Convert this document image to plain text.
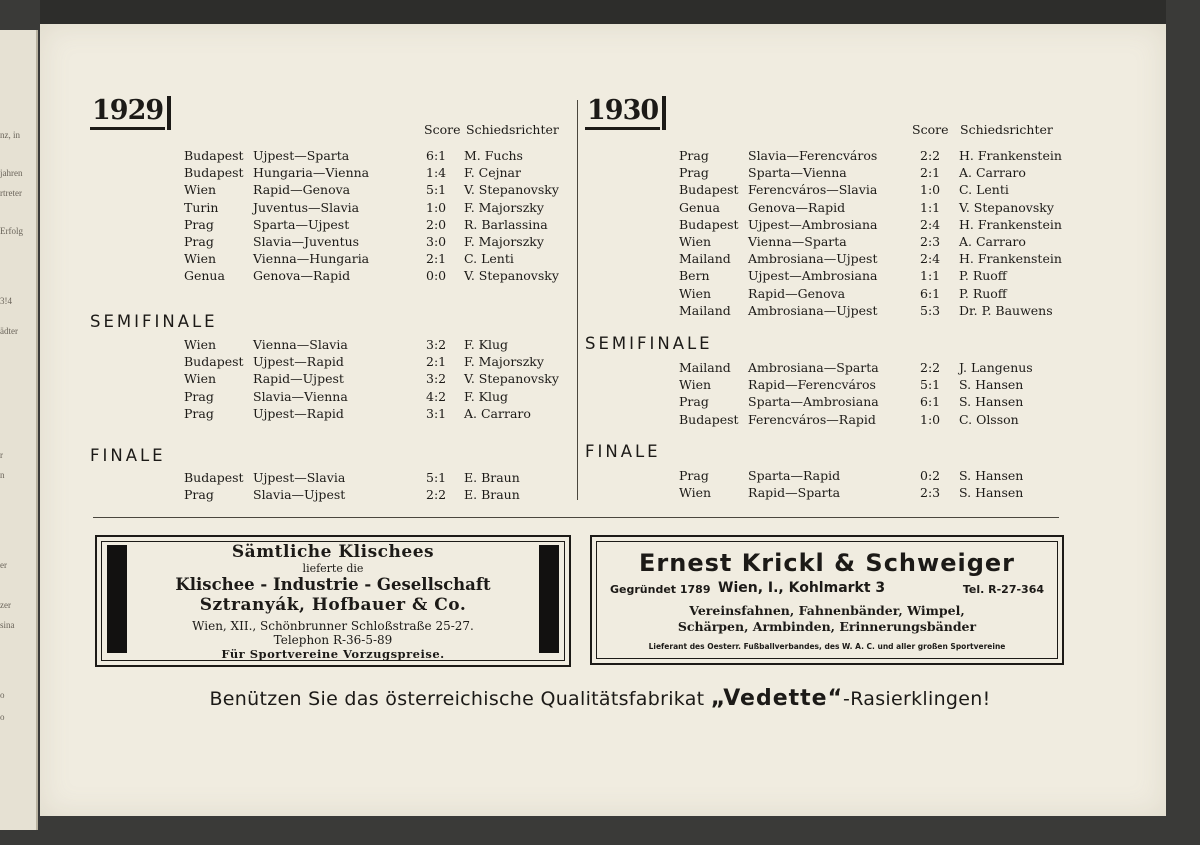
nz, in
jahren
rtreter
Erfolg
3!4
ädter
r
n
er
zer
sina
o
o
1929
Score Schiedsrichter
Budapest Ujpest—Sparta	6:1 M. Fuchs
Budapest Hungaria—Vienna	1:4 F. Cejnar
Wien	Rapid—Genova	5:1 V. Stepanovsky
Turin	Juventus—Slavia	1:0 F. Majorszky
Prag	Sparta—Ujpest	2:0 R. Barlassina
Prag	Slavia—Juventus	3:0 F. Majorszky
Wien	Vienna—Hungaria	2:1 C. Lenti
Genua Genova—Rapid	0:0 V. Stepanovsky
SEMIFINALE
Wien	Vienna—Slavia	3:2 F. Klug
Budapest Ujpest—Rapid	2:1 F. Majorszky
Wien	Rapid—Ujpest	3:2 V. Stepanovsky
Prag	Slavia—Vienna	4:2 F. Klug
Prag	Ujpest—Rapid	3:1 A. Carraro
FINALE
Budapest Ujpest—Slavia	5:1 E. Braun
Prag	Slavia—Ujpest	2:2 E. Braun
1930
Score Schiedsrichter
Prag	Slavia—Ferencváros	2:2 H. Frankenstein
Prag	Sparta—Vienna	2:1 A. Carraro
Budapest Ferencváros—Slavia	1:0 C. Lenti
Genua Genova—Rapid	1:1 V. Stepanovsky
Budapest Ujpest—Ambrosiana	2:4 H. Frankenstein
Wien	Vienna—Sparta	2:3 A. Carraro
Mailand Ambrosiana—Ujpest	2:4 H. Frankenstein
Bern	Ujpest—Ambrosiana	1:1 P. Ruoff
Wien	Rapid—Genova	6:1 P. Ruoff
Mailand Ambrosiana—Ujpest	5:3 Dr. P. Bauwens
SEMIFINALE
Mailand Ambrosiana—Sparta	2:2 J. Langenus
Wien	Rapid—Ferencváros	5:1 S. Hansen
Prag	Sparta—Ambrosiana	6:1 S. Hansen
Budapest Ferencváros—Rapid	1:0 C. Olsson
FINALE
Prag	Sparta—Rapid	0:2 S. Hansen
Wien	Rapid—Sparta	2:3 S. Hansen
Sämtliche Klischees
lieferte die
Klischee - Industrie - Gesellschaft
Sztranyák, Hofbauer & Co.
Wien, XII., Schönbrunner Schloßstraße 25-27.
Telephon R-36-5-89
Für Sportvereine Vorzugspreise.
Ernest Krickl & Schweiger
Gegründet 1789 Wien, I., Kohlmarkt 3	Tel. R-27-364
Vereinsfahnen, Fahnenbänder, Wimpel,
Schärpen, Armbinden, Erinnerungsbänder
Lieferant des Oesterr. Fußballverbandes, des W. A. C. und aller großen Sportvereine
Benützen Sie das österreichische Qualitätsfabrikat „Vedette“-Rasierklingen!
